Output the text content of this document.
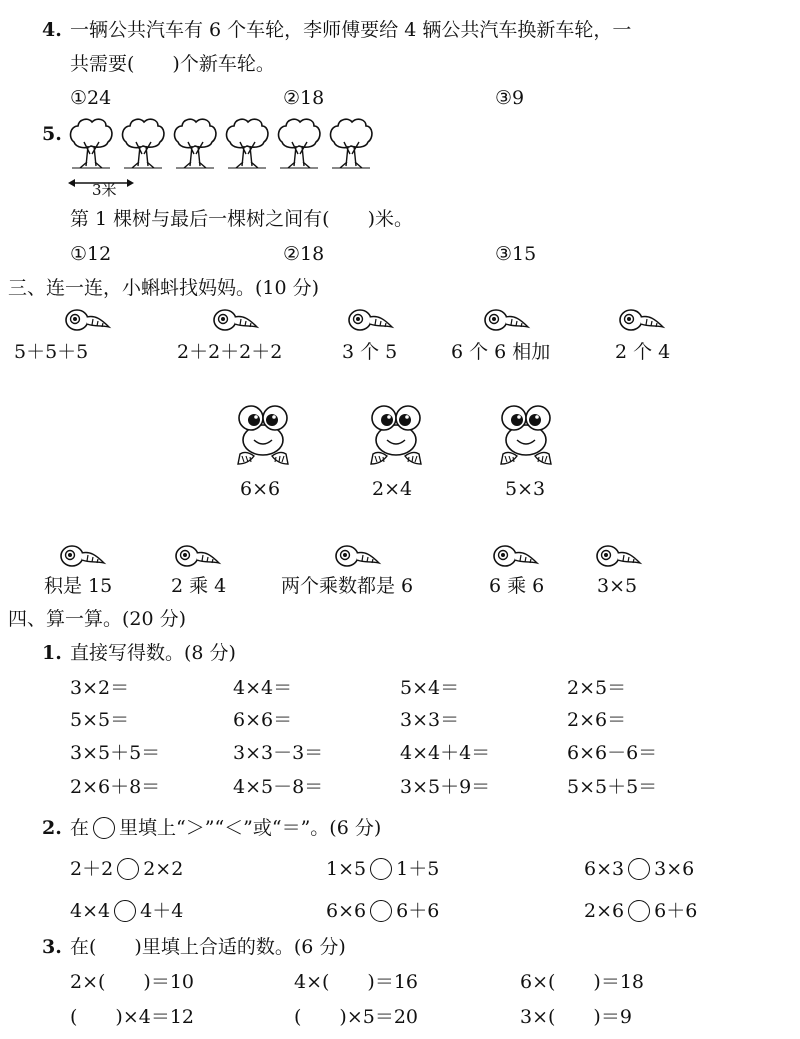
4. 一辆公共汽车有 6 个车轮，李师傅要给 4 辆公共汽车换新车轮，一
共需要(　　)个新车轮。
①24	②18	③9
5.
3米
第 1 棵树与最后一棵树之间有(　　)米。
①12	②18	③15
三、连一连，小蝌蚪找妈妈。(10 分)
5＋5＋5	2＋2＋2＋2	3 个 5	6 个 6 相加	2 个 4
6×6	2×4	5×3
积是 15	2 乘 4	两个乘数都是 6	6 乘 6	3×5
四、算一算。(20 分)
1. 直接写得数。(8 分)
3×2＝	4×4＝	5×4＝	2×5＝
5×5＝	6×6＝	3×3＝	2×6＝
3×5＋5＝	3×3－3＝	4×4＋4＝	6×6－6＝
2×6＋8＝	4×5－8＝	3×5＋9＝	5×5＋5＝
2. 在 里填上“＞”“＜”或“＝”。(6 分)
2＋2 2×2	1×5 1＋5	6×3 3×6
4×4 4＋4	6×6 6＋6	2×6 6＋6
3. 在(　　)里填上合适的数。(6 分)
2×(　　)＝10	4×(　　)＝16	6×(　　)＝18
(　　)×4＝12	(　　)×5＝20	3×(　　)＝9
